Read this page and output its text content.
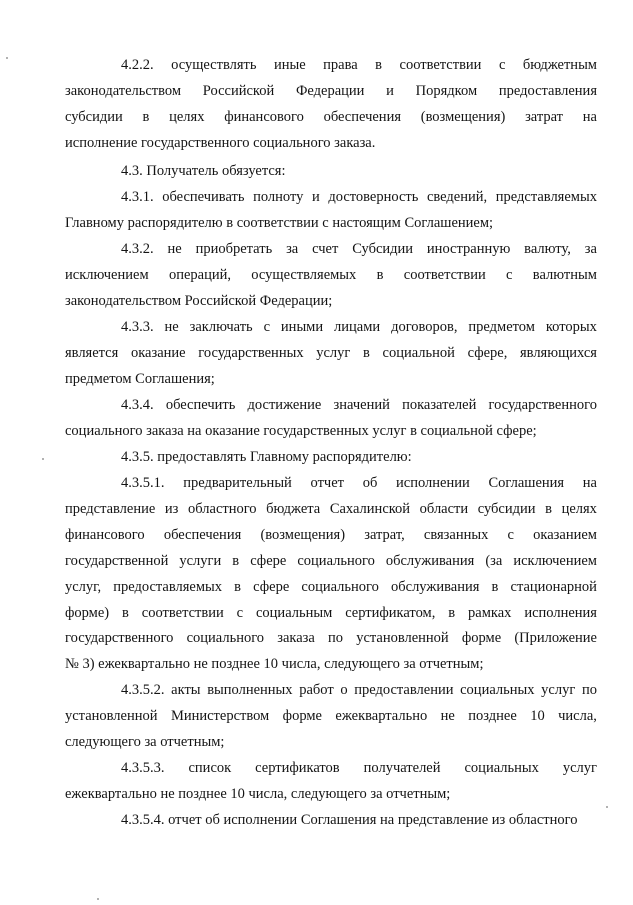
4.2.2. осуществлять иные права в соответствии с бюджетным
законодательством Российской Федерации и Порядком предоставления
субсидии в целях финансового обеспечения (возмещения) затрат на
исполнение государственного социального заказа.
4.3. Получатель обязуется:
4.3.1. обеспечивать полноту и достоверность сведений, представляемых
Главному распорядителю в соответствии с настоящим Соглашением;
4.3.2. не приобретать за счет Субсидии иностранную валюту, за
исключением операций, осуществляемых в соответствии с валютным
законодательством Российской Федерации;
4.3.3. не заключать с иными лицами договоров, предметом которых
является оказание государственных услуг в социальной сфере, являющихся
предметом Соглашения;
4.3.4. обеспечить достижение значений показателей государственного
социального заказа на оказание государственных услуг в социальной сфере;
4.3.5. предоставлять Главному распорядителю:
4.3.5.1. предварительный отчет об исполнении Соглашения на
представление из областного бюджета Сахалинской области субсидии в целях
финансового обеспечения (возмещения) затрат, связанных с оказанием
государственной услуги в сфере социального обслуживания (за исключением
услуг, предоставляемых в сфере социального обслуживания в стационарной
форме) в соответствии с социальным сертификатом, в рамках исполнения
государственного социального заказа по установленной форме (Приложение
№ 3) ежеквартально не позднее 10 числа, следующего за отчетным;
4.3.5.2. акты выполненных работ о предоставлении социальных услуг по
установленной Министерством форме ежеквартально не позднее 10 числа,
следующего за отчетным;
4.3.5.3. список сертификатов получателей социальных услуг
ежеквартально не позднее 10 числа, следующего за отчетным;
4.3.5.4. отчет об исполнении Соглашения на представление из областного
